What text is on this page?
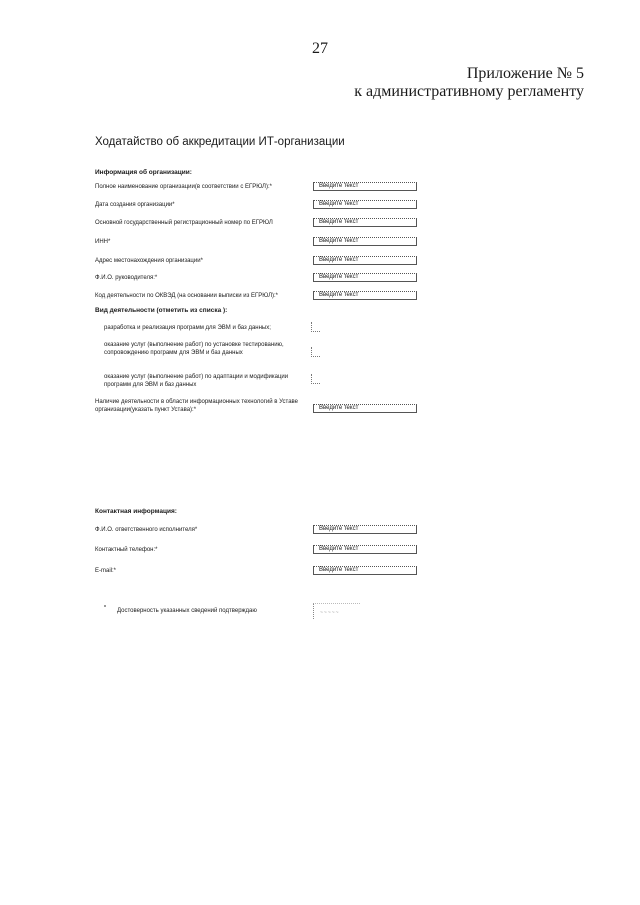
27
Приложение № 5
к административному регламенту
Ходатайство об аккредитации ИТ-организации
Информация об организации:
Полное наименование организации(в соответствии с ЕГРЮЛ):*	Введите текст
Дата создания организации*	Введите текст
Основной государственный регистрационный номер по ЕГРЮЛ	Введите текст
ИНН*	Введите текст
Адрес местонахождения организации*	Введите текст
Ф.И.О. руководителя:*	Введите текст
Код деятельности по ОКВЭД (на основании выписки из ЕГРЮЛ):*	Введите текст
Вид деятельности (отметить из списка ):
разработка и реализация программ для ЭВМ и баз данных;
оказание услуг (выполнение работ) по установке тестированию, сопровождению программ для ЭВМ и баз данных
оказание услуг (выполнение работ) по адаптации и модификации программ для ЭВМ и баз данных
Наличие деятельности в области информационных технологий в Уставе организации(указать пункт Устава):*	Введите текст
Контактная информация:
Ф.И.О. ответственного исполнителя*	Введите текст
Контактный телефон:*	Введите текст
E-mail:*	Введите текст
Достоверность указанных сведений подтверждаю	~~~~~
